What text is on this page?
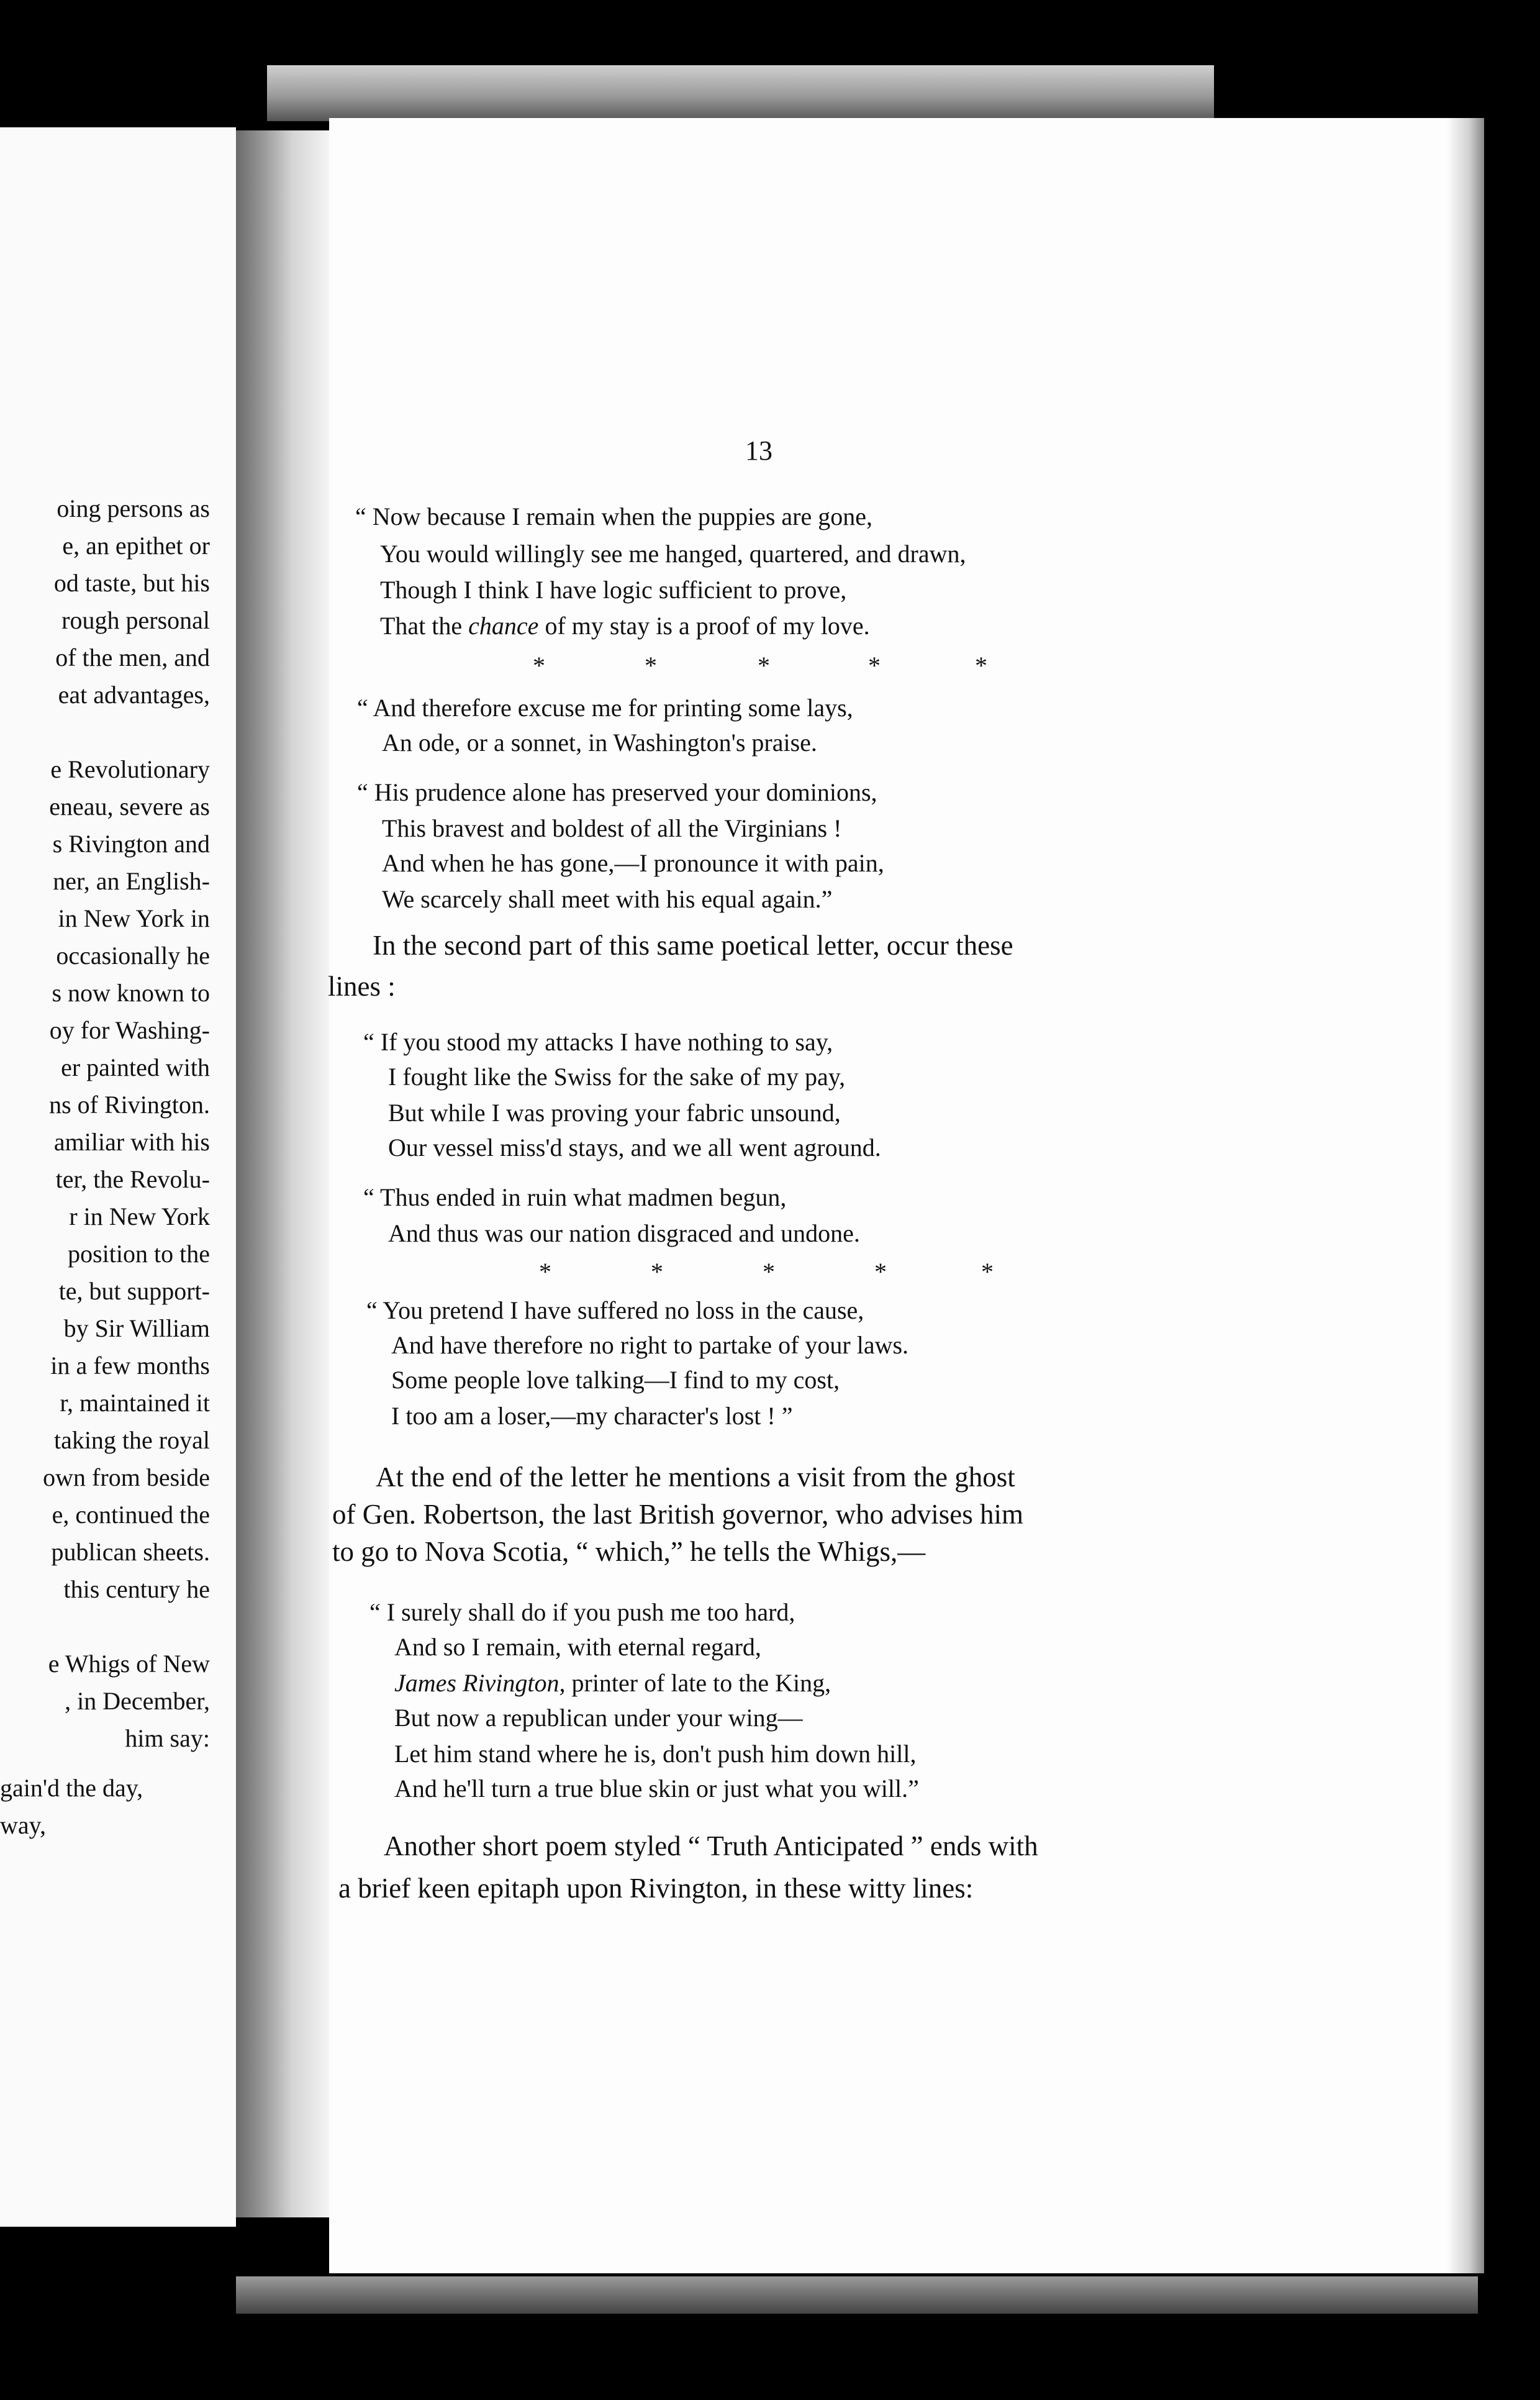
oing persons as
e, an epithet or
od taste, but his
rough personal
of the men, and
eat advantages,
e Revolutionary
eneau, severe as
s Rivington and
ner, an English-
in New York in
occasionally he
s now known to
oy for Washing-
er painted with
ns of Rivington.
amiliar with his
ter, the Revolu-
r in New York
position to the
te, but support-
by Sir William
in a few months
r, maintained it
taking the royal
own from beside
e, continued the
publican sheets.
this century he
e Whigs of New
, in December,
him say:
gain'd the day,
way,
13
“ Now because I remain when the puppies are gone,
You would willingly see me hanged, quartered, and drawn,
Though I think I have logic sufficient to prove,
That the chance of my stay is a proof of my love.
*	*	*	*	*
“ And therefore excuse me for printing some lays,
An ode, or a sonnet, in Washington's praise.
“ His prudence alone has preserved your dominions,
This bravest and boldest of all the Virginians !
And when he has gone,—I pronounce it with pain,
We scarcely shall meet with his equal again.”
In the second part of this same poetical letter, occur these
lines :
“ If you stood my attacks I have nothing to say,
I fought like the Swiss for the sake of my pay,
But while I was proving your fabric unsound,
Our vessel miss'd stays, and we all went aground.
“ Thus ended in ruin what madmen begun,
And thus was our nation disgraced and undone.
*	*	*	*	*
“ You pretend I have suffered no loss in the cause,
And have therefore no right to partake of your laws.
Some people love talking—I find to my cost,
I too am a loser,—my character's lost ! ”
At the end of the letter he mentions a visit from the ghost
of Gen. Robertson, the last British governor, who advises him
to go to Nova Scotia, “ which,” he tells the Whigs,—
“ I surely shall do if you push me too hard,
And so I remain, with eternal regard,
James Rivington, printer of late to the King,
But now a republican under your wing—
Let him stand where he is, don't push him down hill,
And he'll turn a true blue skin or just what you will.”
Another short poem styled “ Truth Anticipated ” ends with
a brief keen epitaph upon Rivington, in these witty lines:
